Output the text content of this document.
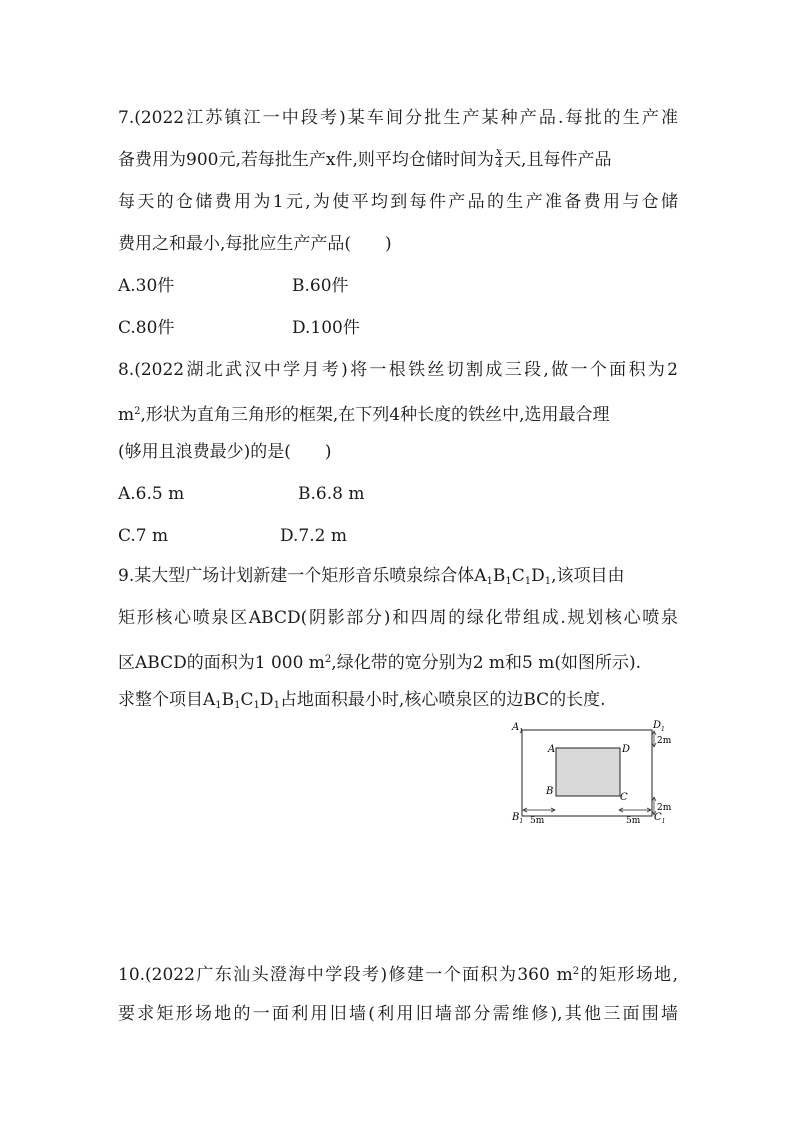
7.(2022江苏镇江一中段考)某车间分批生产某种产品.每批的生产准
备费用为900元,若每批生产x件,则平均仓储时间为 $\frac{x}{4}$ 天,且每件产品
每天的仓储费用为1元,为使平均到每件产品的生产准备费用与仓储
费用之和最小,每批应生产产品(　　)
A.30件	B.60件
C.80件	D.100件
8.(2022湖北武汉中学月考)将一根铁丝切割成三段,做一个面积为2
$m^2$,形状为直角三角形的框架,在下列4种长度的铁丝中,选用最合理
(够用且浪费最少)的是(　　)
A.6.5 m	B.6.8 m
C.7 m	D.7.2 m
9.某大型广场计划新建一个矩形音乐喷泉综合体$A_1B_1C_1D_1$,该项目由
矩形核心喷泉区ABCD(阴影部分)和四周的绿化带组成.规划核心喷泉
区ABCD的面积为1 000 $m^2$,绿化带的宽分别为2 m和5 m(如图所示).
求整个项目$A_1B_1C_1D_1$占地面积最小时,核心喷泉区的边BC的长度.
$A_1$
$D_1$
$B_1$	$C_1$
A	D
B
C
2m
2m
5m	5m
10.(2022广东汕头澄海中学段考)修建一个面积为360 $m^2$的矩形场地,
要求矩形场地的一面利用旧墙(利用旧墙部分需维修),其他三面围墙
